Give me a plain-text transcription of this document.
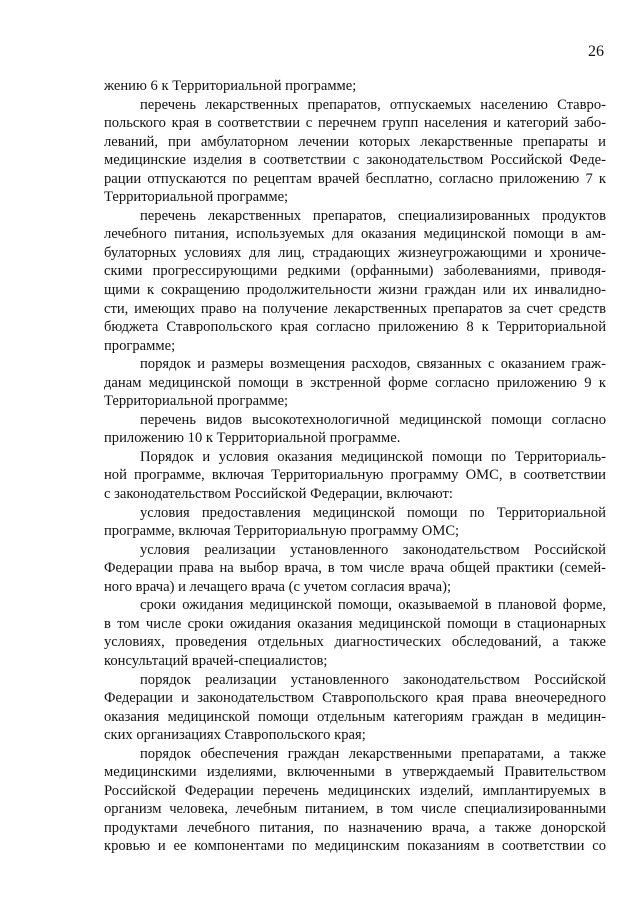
26
жению 6 к Территориальной программе;
перечень лекарственных препаратов, отпускаемых населению Ставро-
польского края в соответствии с перечнем групп населения и категорий забо-
леваний, при амбулаторном лечении которых лекарственные препараты и
медицинские изделия в соответствии с законодательством Российской Феде-
рации отпускаются по рецептам врачей бесплатно, согласно приложению 7 к
Территориальной программе;
перечень лекарственных препаратов, специализированных продуктов
лечебного питания, используемых для оказания медицинской помощи в ам-
булаторных условиях для лиц, страдающих жизнеугрожающими и хрониче-
скими прогрессирующими редкими (орфанными) заболеваниями, приводя-
щими к сокращению продолжительности жизни граждан или их инвалидно-
сти, имеющих право на получение лекарственных препаратов за счет средств
бюджета Ставропольского края согласно приложению 8 к Территориальной
программе;
порядок и размеры возмещения расходов, связанных с оказанием граж-
данам медицинской помощи в экстренной форме согласно приложению 9 к
Территориальной программе;
перечень видов высокотехнологичной медицинской помощи согласно
приложению 10 к Территориальной программе.
Порядок и условия оказания медицинской помощи по Территориаль-
ной программе, включая Территориальную программу ОМС, в соответствии
с законодательством Российской Федерации, включают:
условия предоставления медицинской помощи по Территориальной
программе, включая Территориальную программу ОМС;
условия реализации установленного законодательством Российской
Федерации права на выбор врача, в том числе врача общей практики (семей-
ного врача) и лечащего врача (с учетом согласия врача);
сроки ожидания медицинской помощи, оказываемой в плановой форме,
в том числе сроки ожидания оказания медицинской помощи в стационарных
условиях, проведения отдельных диагностических обследований, а также
консультаций врачей-специалистов;
порядок реализации установленного законодательством Российской
Федерации и законодательством Ставропольского края права внеочередного
оказания медицинской помощи отдельным категориям граждан в медицин-
ских организациях Ставропольского края;
порядок обеспечения граждан лекарственными препаратами, а также
медицинскими изделиями, включенными в утверждаемый Правительством
Российской Федерации перечень медицинских изделий, имплантируемых в
организм человека, лечебным питанием, в том числе специализированными
продуктами лечебного питания, по назначению врача, а также донорской
кровью и ее компонентами по медицинским показаниям в соответствии со
